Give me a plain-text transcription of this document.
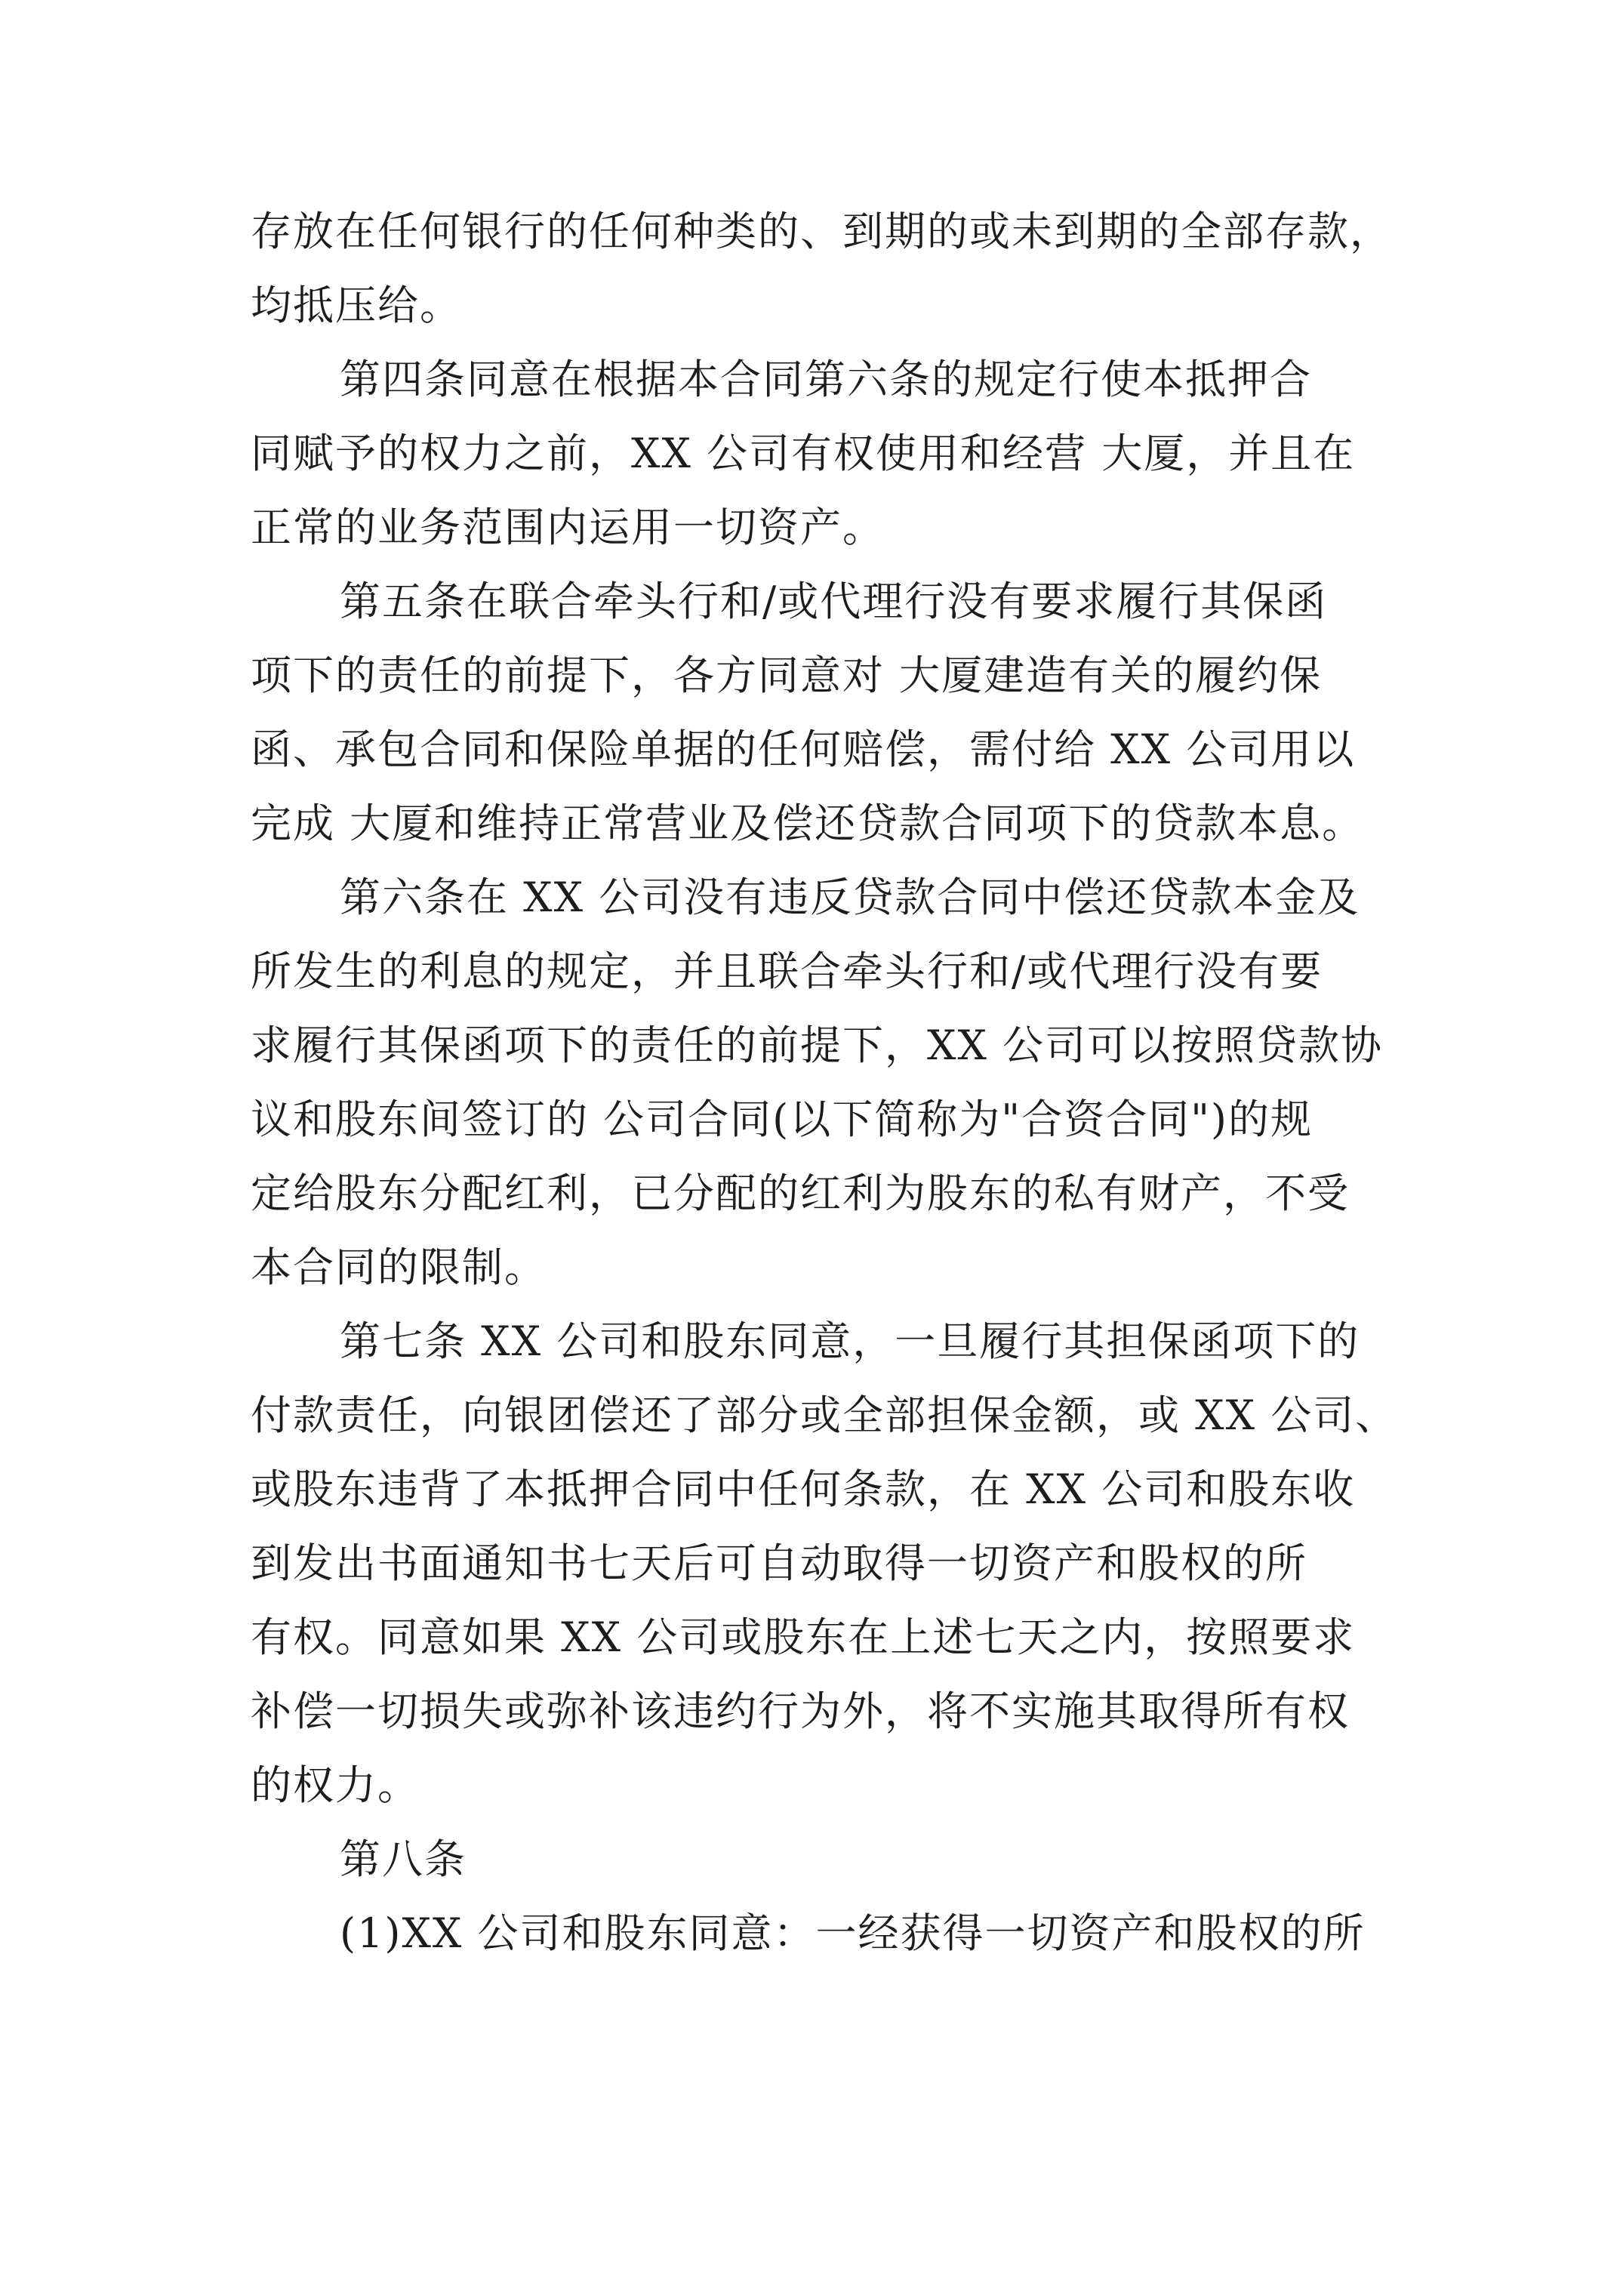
存放在任何银行的任何种类的、到期的或未到期的全部存款，
均抵压给。
第四条同意在根据本合同第六条的规定行使本抵押合
同赋予的权力之前，XX 公司有权使用和经营 大厦，并且在
正常的业务范围内运用一切资产。
第五条在联合牵头行和/或代理行没有要求履行其保函
项下的责任的前提下，各方同意对 大厦建造有关的履约保
函、承包合同和保险单据的任何赔偿，需付给 XX 公司用以
完成 大厦和维持正常营业及偿还贷款合同项下的贷款本息。
第六条在 XX 公司没有违反贷款合同中偿还贷款本金及
所发生的利息的规定，并且联合牵头行和/或代理行没有要
求履行其保函项下的责任的前提下，XX 公司可以按照贷款协
议和股东间签订的 公司合同(以下简称为"合资合同")的规
定给股东分配红利，已分配的红利为股东的私有财产，不受
本合同的限制。
第七条 XX 公司和股东同意，一旦履行其担保函项下的
付款责任，向银团偿还了部分或全部担保金额，或 XX 公司、
或股东违背了本抵押合同中任何条款，在 XX 公司和股东收
到发出书面通知书七天后可自动取得一切资产和股权的所
有权。同意如果 XX 公司或股东在上述七天之内，按照要求
补偿一切损失或弥补该违约行为外，将不实施其取得所有权
的权力。
第八条
(1)XX 公司和股东同意：一经获得一切资产和股权的所
